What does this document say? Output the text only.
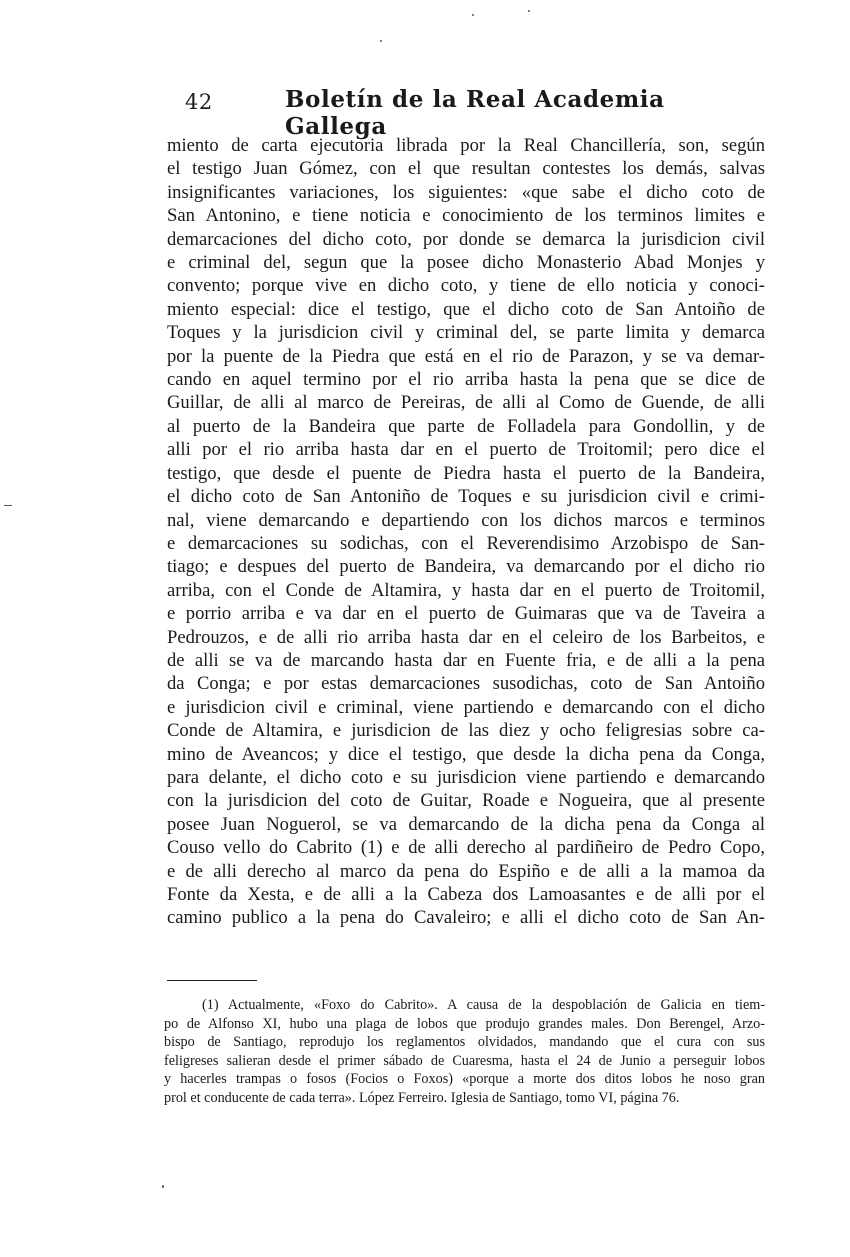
42	Boletín de la Real Academia Gallega
miento de carta ejecutoria librada por la Real Chancillería, son, según
el testigo Juan Gómez, con el que resultan contestes los demás, salvas
insignificantes variaciones, los siguientes: «que sabe el dicho coto de
San Antonino, e tiene noticia e conocimiento de los terminos limites e
demarcaciones del dicho coto, por donde se demarca la jurisdicion civil
e criminal del, segun que la posee dicho Monasterio Abad Monjes y
convento; porque vive en dicho coto, y tiene de ello noticia y conoci-
miento especial: dice el testigo, que el dicho coto de San Antoiño de
Toques y la jurisdicion civil y criminal del, se parte limita y demarca
por la puente de la Piedra que está en el rio de Parazon, y se va demar-
cando en aquel termino por el rio arriba hasta la pena que se dice de
Guillar, de alli al marco de Pereiras, de alli al Como de Guende, de alli
al puerto de la Bandeira que parte de Folladela para Gondollin, y de
alli por el rio arriba hasta dar en el puerto de Troitomil; pero dice el
testigo, que desde el puente de Piedra hasta el puerto de la Bandeira,
el dicho coto de San Antoniño de Toques e su jurisdicion civil e crimi-
nal, viene demarcando e departiendo con los dichos marcos e terminos
e demarcaciones su sodichas, con el Reverendisimo Arzobispo de San-
tiago; e despues del puerto de Bandeira, va demarcando por el dicho rio
arriba, con el Conde de Altamira, y hasta dar en el puerto de Troitomil,
e porrio arriba e va dar en el puerto de Guimaras que va de Taveira a
Pedrouzos, e de alli rio arriba hasta dar en el celeiro de los Barbeitos, e
de alli se va de marcando hasta dar en Fuente fria, e de alli a la pena
da Conga; e por estas demarcaciones susodichas, coto de San Antoiño
e jurisdicion civil e criminal, viene partiendo e demarcando con el dicho
Conde de Altamira, e jurisdicion de las diez y ocho feligresias sobre ca-
mino de Aveancos; y dice el testigo, que desde la dicha pena da Conga,
para delante, el dicho coto e su jurisdicion viene partiendo e demarcando
con la jurisdicion del coto de Guitar, Roade e Nogueira, que al presente
posee Juan Noguerol, se va demarcando de la dicha pena da Conga al
Couso vello do Cabrito (1) e de alli derecho al pardiñeiro de Pedro Copo,
e de alli derecho al marco da pena do Espiño e de alli a la mamoa da
Fonte da Xesta, e de alli a la Cabeza dos Lamoasantes e de alli por el
camino publico a la pena do Cavaleiro; e alli el dicho coto de San An-
(1) Actualmente, «Foxo do Cabrito». A causa de la despoblación de Galicia en tiem-
po de Alfonso XI, hubo una plaga de lobos que produjo grandes males. Don Berengel, Arzo-
bispo de Santiago, reprodujo los reglamentos olvidados, mandando que el cura con sus
feligreses salieran desde el primer sábado de Cuaresma, hasta el 24 de Junio a perseguir lobos
y hacerles trampas o fosos (Focios o Foxos) «porque a morte dos ditos lobos he noso gran
prol et conducente de cada terra». López Ferreiro. Iglesia de Santiago, tomo VI, página 76.
